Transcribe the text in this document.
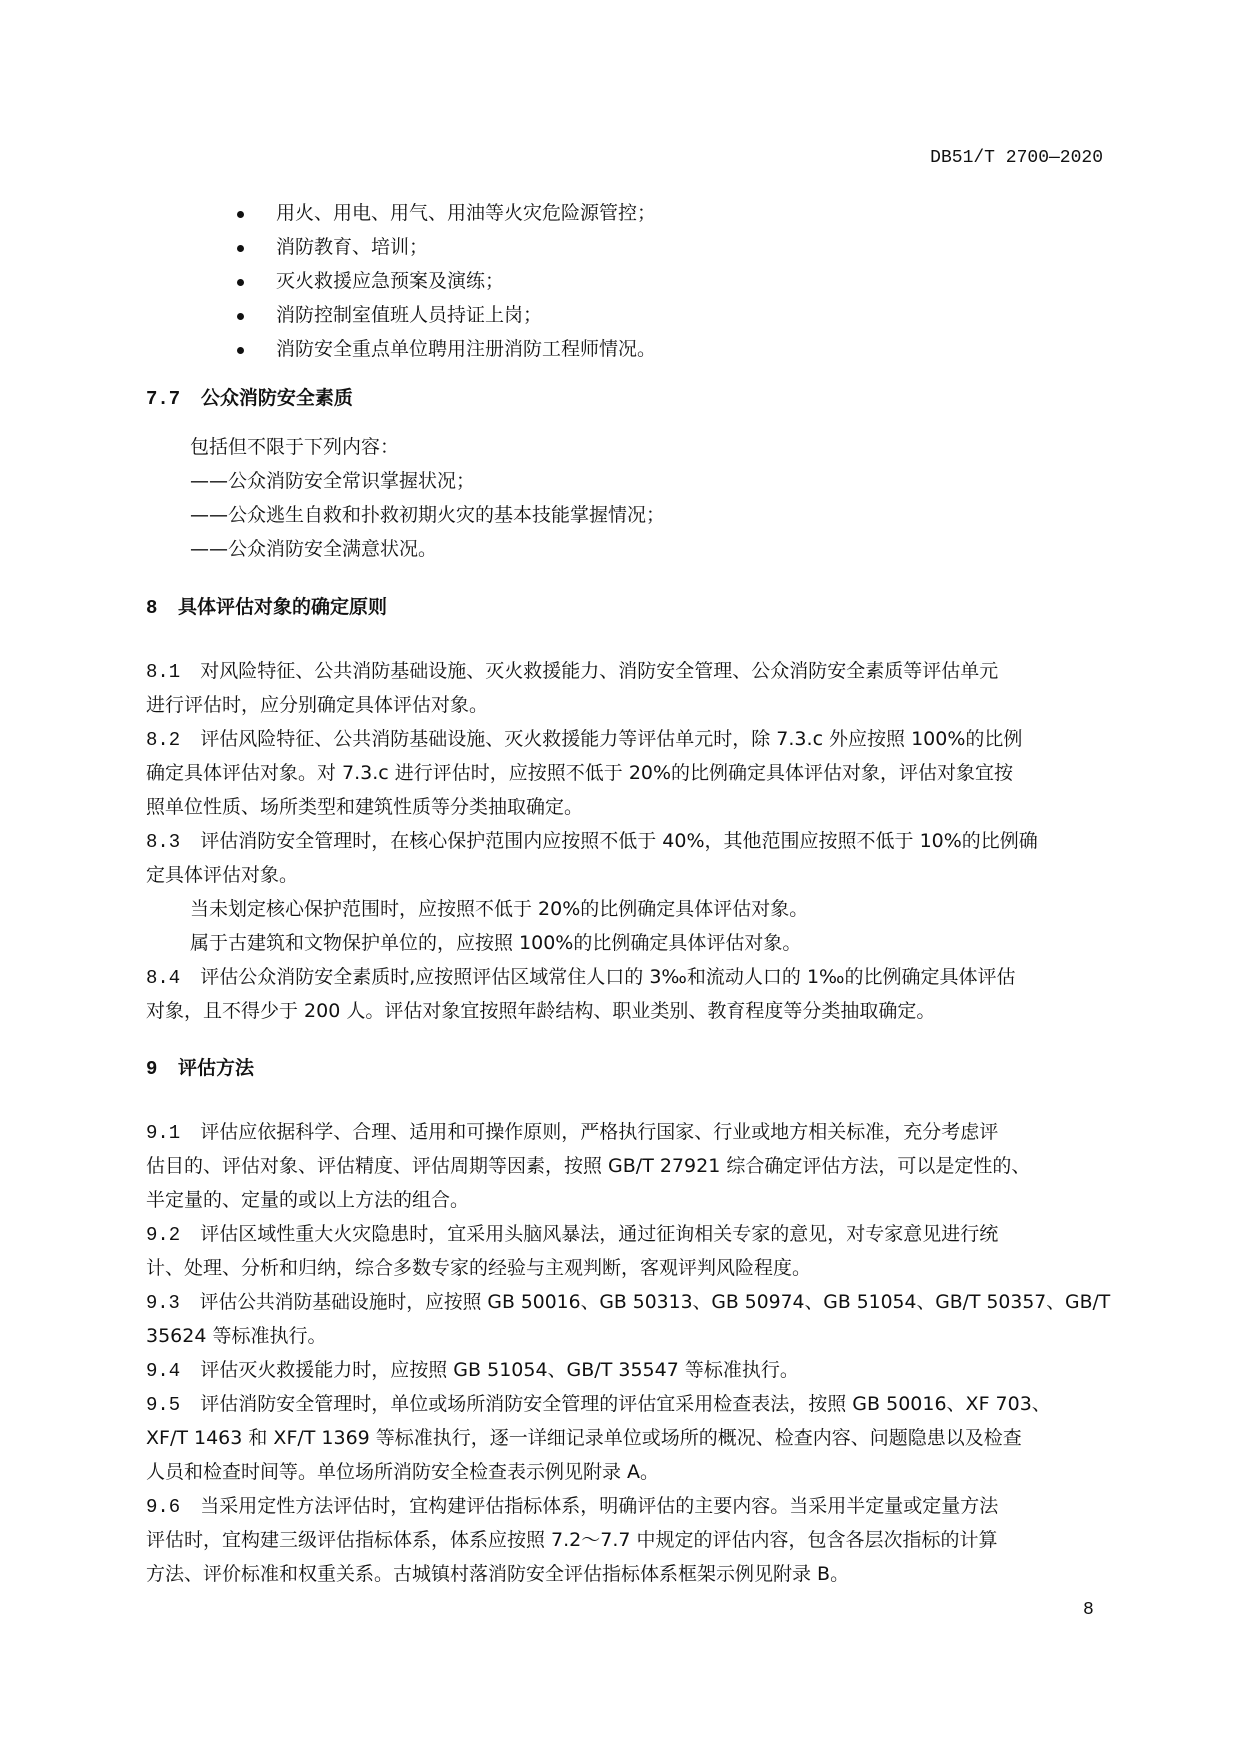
DB51/T 2700—2020
用火、用电、用气、用油等火灾危险源管控；
消防教育、培训；
灭火救援应急预案及演练；
消防控制室值班人员持证上岗；
消防安全重点单位聘用注册消防工程师情况。
7.7 公众消防安全素质
包括但不限于下列内容：
——公众消防安全常识掌握状况；
——公众逃生自救和扑救初期火灾的基本技能掌握情况；
——公众消防安全满意状况。
8 具体评估对象的确定原则
8.1 对风险特征、公共消防基础设施、灭火救援能力、消防安全管理、公众消防安全素质等评估单元
进行评估时，应分别确定具体评估对象。
8.2 评估风险特征、公共消防基础设施、灭火救援能力等评估单元时，除 7.3.c 外应按照 100%的比例
确定具体评估对象。对 7.3.c 进行评估时，应按照不低于 20%的比例确定具体评估对象，评估对象宜按
照单位性质、场所类型和建筑性质等分类抽取确定。
8.3 评估消防安全管理时，在核心保护范围内应按照不低于 40%，其他范围应按照不低于 10%的比例确
定具体评估对象。
当未划定核心保护范围时，应按照不低于 20%的比例确定具体评估对象。
属于古建筑和文物保护单位的，应按照 100%的比例确定具体评估对象。
8.4 评估公众消防安全素质时,应按照评估区域常住人口的 3‰和流动人口的 1‰的比例确定具体评估
对象，且不得少于 200 人。评估对象宜按照年龄结构、职业类别、教育程度等分类抽取确定。
9 评估方法
9.1 评估应依据科学、合理、适用和可操作原则，严格执行国家、行业或地方相关标准，充分考虑评
估目的、评估对象、评估精度、评估周期等因素，按照 GB/T 27921 综合确定评估方法，可以是定性的、
半定量的、定量的或以上方法的组合。
9.2 评估区域性重大火灾隐患时，宜采用头脑风暴法，通过征询相关专家的意见，对专家意见进行统
计、处理、分析和归纳，综合多数专家的经验与主观判断，客观评判风险程度。
9.3 评估公共消防基础设施时，应按照 GB 50016、GB 50313、GB 50974、GB 51054、GB/T 50357、GB/T
35624 等标准执行。
9.4 评估灭火救援能力时，应按照 GB 51054、GB/T 35547 等标准执行。
9.5 评估消防安全管理时，单位或场所消防安全管理的评估宜采用检查表法，按照 GB 50016、XF 703、
XF/T 1463 和 XF/T 1369 等标准执行，逐一详细记录单位或场所的概况、检查内容、问题隐患以及检查
人员和检查时间等。单位场所消防安全检查表示例见附录 A。
9.6 当采用定性方法评估时，宜构建评估指标体系，明确评估的主要内容。当采用半定量或定量方法
评估时，宜构建三级评估指标体系，体系应按照 7.2～7.7 中规定的评估内容，包含各层次指标的计算
方法、评价标准和权重关系。古城镇村落消防安全评估指标体系框架示例见附录 B。
8
